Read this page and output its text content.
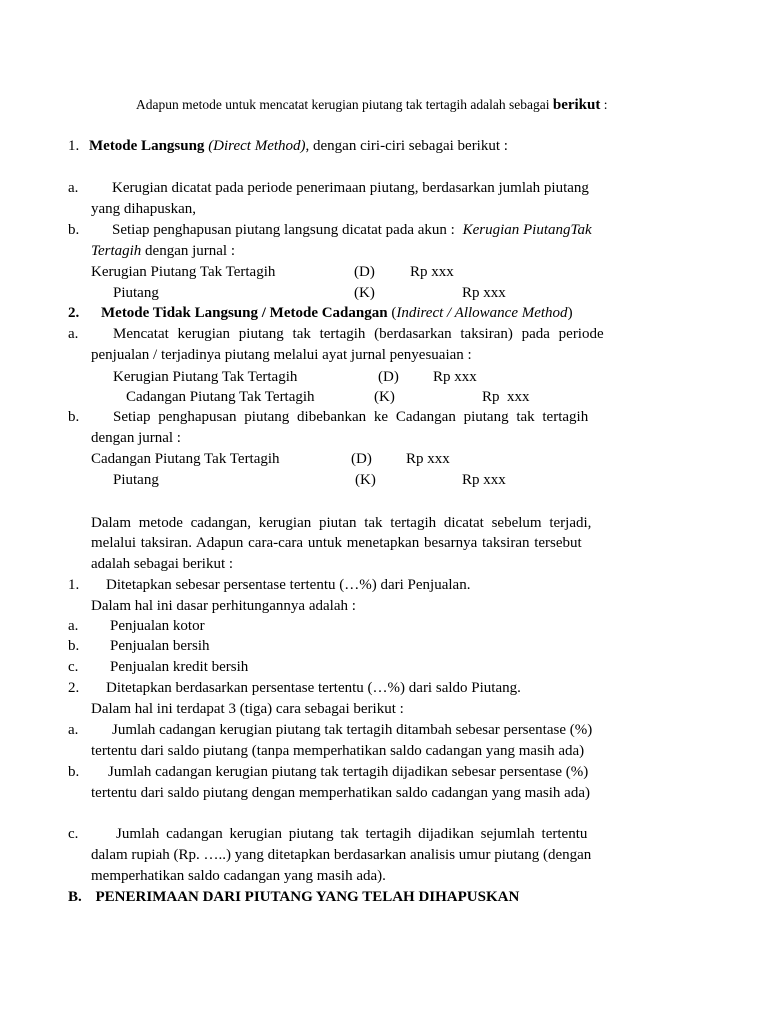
Adapun metode untuk mencatat kerugian piutang tak tertagih adalah sebagai berikut :
1. Metode Langsung (Direct Method), dengan ciri-ciri sebagai berikut :
a. Kerugian dicatat pada periode penerimaan piutang, berdasarkan jumlah piutang
yang dihapuskan,
b. Setiap penghapusan piutang langsung dicatat pada akun : Kerugian PiutangTak
Tertagih dengan jurnal :
Kerugian Piutang Tak Tertagih	(D) Rp xxx
Piutang	(K)	Rp xxx
2. Metode Tidak Langsung / Metode Cadangan (Indirect / Allowance Method)
a. Mencatat kerugian piutang tak tertagih (berdasarkan taksiran) pada periode
penjualan / terjadinya piutang melalui ayat jurnal penyesuaian :
Kerugian Piutang Tak Tertagih	(D) Rp xxx
Cadangan Piutang Tak Tertagih	(K)	Rp  xxx
b. Setiap penghapusan piutang dibebankan ke Cadangan piutang tak tertagih
dengan jurnal :
Cadangan Piutang Tak Tertagih	(D) Rp xxx
Piutang	(K)	Rp xxx
Dalam metode cadangan, kerugian piutan tak tertagih dicatat sebelum terjadi,
melalui taksiran. Adapun cara-cara untuk menetapkan besarnya taksiran tersebut
adalah sebagai berikut :
1. Ditetapkan sebesar persentase tertentu (…%) dari Penjualan.
Dalam hal ini dasar perhitungannya adalah :
a. Penjualan kotor
b. Penjualan bersih
c. Penjualan kredit bersih
2. Ditetapkan berdasarkan persentase tertentu (…%) dari saldo Piutang.
Dalam hal ini terdapat 3 (tiga) cara sebagai berikut :
a. Jumlah cadangan kerugian piutang tak tertagih ditambah sebesar persentase (%)
tertentu dari saldo piutang (tanpa memperhatikan saldo cadangan yang masih ada)
b. Jumlah cadangan kerugian piutang tak tertagih dijadikan sebesar persentase (%)
tertentu dari saldo piutang dengan memperhatikan saldo cadangan yang masih ada)
c.	Jumlah cadangan kerugian piutang tak tertagih dijadikan sejumlah tertentu
dalam rupiah (Rp. …..) yang ditetapkan berdasarkan analisis umur piutang (dengan
memperhatikan saldo cadangan yang masih ada).
B. PENERIMAAN DARI PIUTANG YANG TELAH DIHAPUSKAN
